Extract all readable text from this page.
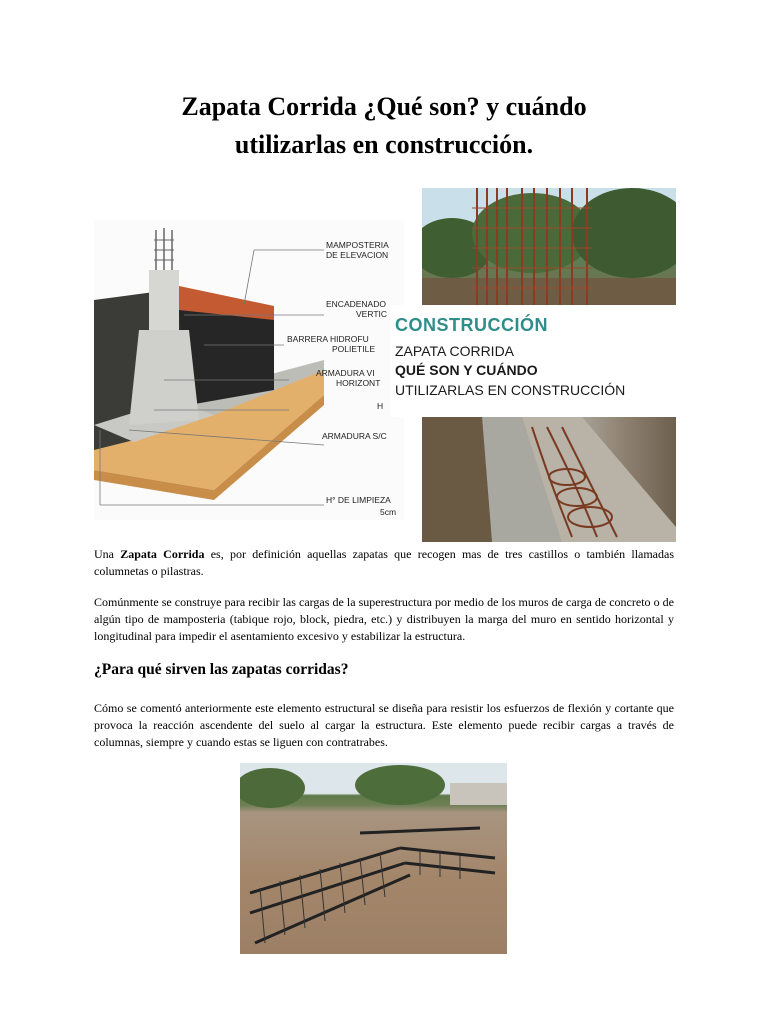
Zapata Corrida ¿Qué son? y cuándo
utilizarlas en construcción.
MAMPOSTERIA
DE ELEVACION
ENCADENADO
VERTIC
BARRERA HIDROFU
POLIETILE
ARMADURA VI
HORIZONT
H
ARMADURA S/C
H° DE LIMPIEZA
5cm
CONSTRUCCIÓN
ZAPATA CORRIDA
QUÉ SON Y CUÁNDO
UTILIZARLAS EN CONSTRUCCIÓN

Una Zapata Corrida es, por definición aquellas zapatas que recogen mas de tres castillos o también llamadas columnetas o pilastras.

Comúnmente se construye para recibir las cargas de la superestructura por medio de los muros de carga de concreto o de algún tipo de mamposteria (tabique rojo, block, piedra, etc.) y distribuyen la marga del muro en sentido horizontal y longitudinal para impedir el asentamiento excesivo y estabilizar la estructura.

¿Para qué sirven las zapatas corridas?

Cómo se comentó anteriormente este elemento estructural se diseña para resistir los esfuerzos de flexión y cortante que provoca la reacción ascendente del suelo al cargar la estructura. Este elemento puede recibir cargas a través de columnas, siempre y cuando estas se liguen con contratrabes.
